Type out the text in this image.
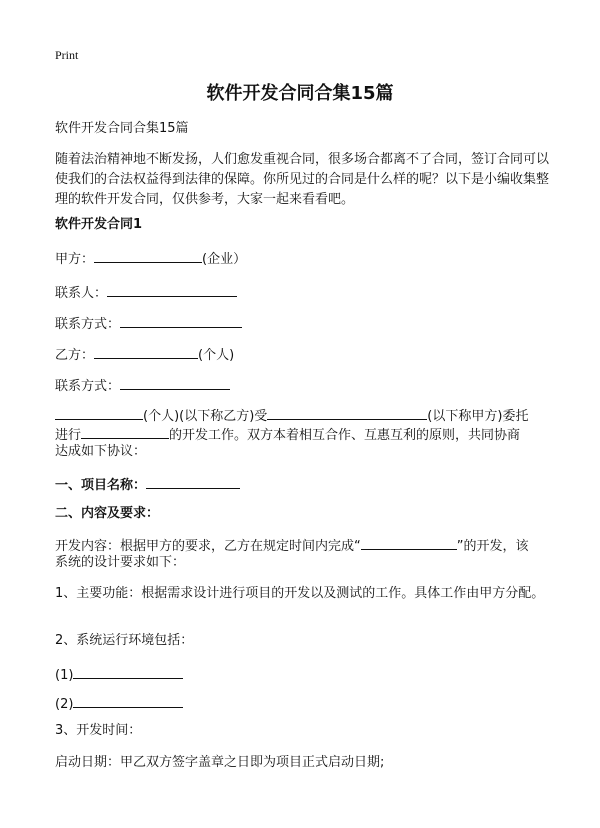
Print
软件开发合同合集15篇
软件开发合同合集15篇
随着法治精神地不断发扬，人们愈发重视合同，很多场合都离不了合同，签订合同可以使我们的合法权益得到法律的保障。你所见过的合同是什么样的呢？以下是小编收集整理的软件开发合同，仅供参考，大家一起来看看吧。
软件开发合同1
甲方：	(企业）
联系人：
联系方式：
乙方：	(个人)
联系方式：
(个人)(以下称乙方)受	(以下称甲方)委托
进行	的开发工作。双方本着相互合作、互惠互利的原则，共同协商
达成如下协议：
一、项目名称：
二、内容及要求：
开发内容：根据甲方的要求，乙方在规定时间内完成“	”的开发，该
系统的设计要求如下：
1、主要功能：根据需求设计进行项目的开发以及测试的工作。具体工作由甲方分配。
2、系统运行环境包括：
(1)
(2)
3、开发时间：
启动日期：甲乙双方签字盖章之日即为项目正式启动日期;
